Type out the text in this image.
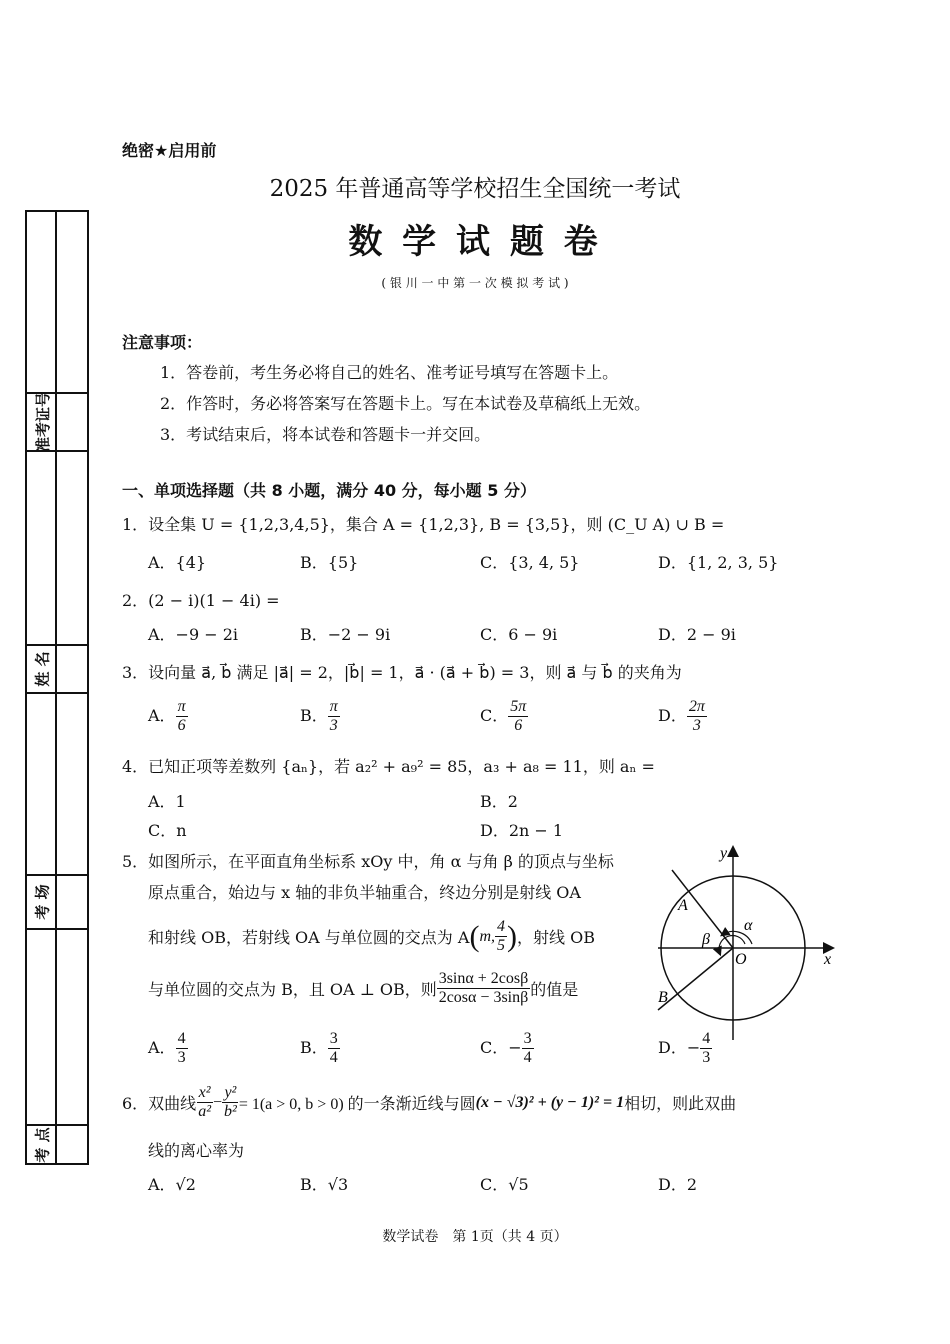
准考证号
姓 名
考 场
考 点
绝密★启用前
2025 年普通高等学校招生全国统一考试
数 学 试 题 卷
( 银 川 一 中 第 一 次 模 拟 考 试 )
注意事项：
1．答卷前，考生务必将自己的姓名、准考证号填写在答题卡上。
2．作答时，务必将答案写在答题卡上。写在本试卷及草稿纸上无效。
3．考试结束后，将本试卷和答题卡一并交回。
一、单项选择题（共 8 小题，满分 40 分，每小题 5 分）
1．设全集 U = {1,2,3,4,5}，集合 A = {1,2,3}, B = {3,5}，则 (C_U A) ∪ B =
A．{4}	B．{5}	C．{3, 4, 5}	D．{1, 2, 3, 5}
2．(2 − i)(1 − 4i) =
A．−9 − 2i	B．−2 − 9i	C．6 − 9i	D．2 − 9i
3．设向量 a⃗, b⃗ 满足 |a⃗| = 2，|b⃗| = 1，a⃗ · (a⃗ + b⃗) = 3，则 a⃗ 与 b⃗ 的夹角为
A． $\frac{\pi}{6}$	B． $\frac{\pi}{3}$	C． $\frac{5\pi}{6}$	D． $\frac{2\pi}{3}$
4．已知正项等差数列 {aₙ}，若 a₂² + a₉² = 85，a₃ + a₈ = 11，则 aₙ =
A．1	B．2
C．n	D．2n − 1
5．如图所示，在平面直角坐标系 xOy 中，角 α 与角 β 的顶点与坐标
原点重合，始边与 x 轴的非负半轴重合，终边分别是射线 OA
和射线 OB，若射线 OA 与单位圆的交点为 A ( m, $\frac{4}{5}$ ) ，射线 OB
与单位圆的交点为 B，且 OA ⊥ OB，则 $\frac{3\sin\alpha + 2\cos\beta}{2\cos\alpha - 3\sin\beta}$ 的值是
A． $\frac{4}{3}$	B． $\frac{3}{4}$	C．− $\frac{3}{4}$	D．− $\frac{4}{3}$
y
x
O
A
B
α
β
6．双曲线 $\frac{\text{x²}}{\text{a²}} - \frac{\text{y²}}{\text{b²}} = 1(a > 0$, b > 0) 的一条渐近线与圆 (x − √3)² + (y − 1)² = 1 相切，则此双曲
线的离心率为
A．√2	B．√3	C．√5	D．2
数学试卷　第 1页（共 4 页）
